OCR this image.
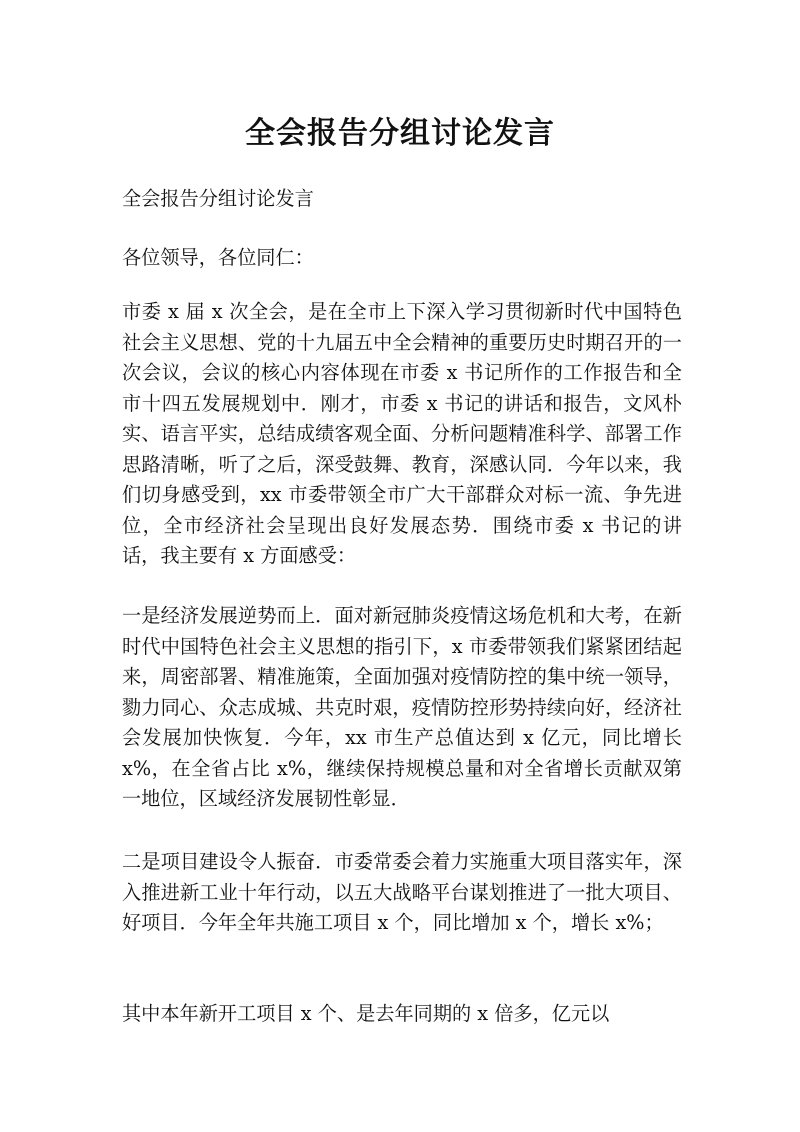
全会报告分组讨论发言

全会报告分组讨论发言

各位领导，各位同仁：

市委 x 届 x 次全会，是在全市上下深入学习贯彻新时代中国特色社会主义思想、党的十九届五中全会精神的重要历史时期召开的一次会议，会议的核心内容体现在市委 x 书记所作的工作报告和全市十四五发展规划中．刚才，市委 x 书记的讲话和报告，文风朴实、语言平实，总结成绩客观全面、分析问题精准科学、部署工作思路清晰，听了之后，深受鼓舞、教育，深感认同．今年以来，我们切身感受到，xx 市委带领全市广大干部群众对标一流、争先进位，全市经济社会呈现出良好发展态势．围绕市委 x 书记的讲话，我主要有 x 方面感受：

一是经济发展逆势而上．面对新冠肺炎疫情这场危机和大考，在新时代中国特色社会主义思想的指引下，x 市委带领我们紧紧团结起来，周密部署、精准施策，全面加强对疫情防控的集中统一领导，勠力同心、众志成城、共克时艰，疫情防控形势持续向好，经济社会发展加快恢复．今年，xx 市生产总值达到 x 亿元，同比增长 x%，在全省占比 x%，继续保持规模总量和对全省增长贡献双第一地位，区域经济发展韧性彰显．

二是项目建设令人振奋．市委常委会着力实施重大项目落实年，深入推进新工业十年行动，以五大战略平台谋划推进了一批大项目、好项目．今年全年共施工项目 x 个，同比增加 x 个，增长 x%；

其中本年新开工项目 x 个、是去年同期的 x 倍多，亿元以
